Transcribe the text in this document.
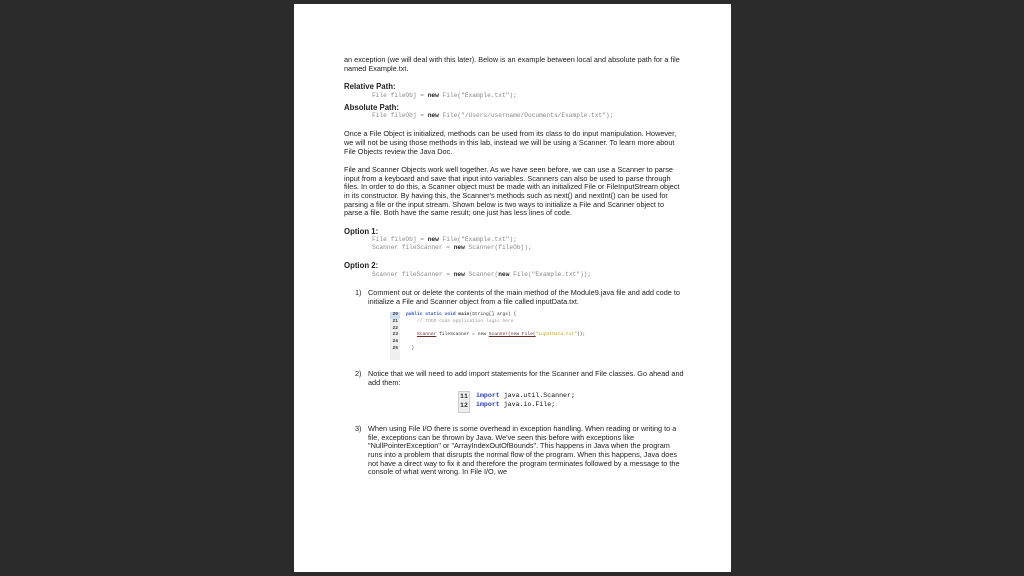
an exception (we will deal with this later). Below is an example between local and absolute path for a file named Example.txt.

Relative Path:

File fileObj = new File("Example.txt");

Absolute Path:

File fileObj = new File("/Users/username/Documents/Example.txt");

Once a File Object is initialized, methods can be used from its class to do input manipulation. However, we will not be using those methods in this lab, instead we will be using a Scanner. To learn more about File Objects review the Java Doc.

File and Scanner Objects work well together. As we have seen before, we can use a Scanner to parse input from a keyboard and save that input into variables. Scanners can also be used to parse through files. In order to do this, a Scanner object must be made with an initialized File or FileInputStream object in its constructor. By having this, the Scanner's methods such as next() and nextInt() can be used for parsing a file or the input stream. Shown below is two ways to initialize a File and Scanner object to parse a file. Both have the same result; one just has less lines of code.

Option 1:

File fileObj = new File("Example.txt");
Scanner fileScanner = new Scanner(fileObj);

Option 2:

Scanner fileScanner = new Scanner(new File("Example.txt"));
1) Comment out or delete the contents of the main method of the Module9.java file and add code to initialize a File and Scanner object from a file called inputData.txt.
20
21
22
23
24
25
public static void main(String[] args) {
// TODO code application logic here

Scanner fileScanner = new Scanner(new File("inputData.txt"));

}
2) Notice that we will need to add import statements for the Scanner and File classes. Go ahead and add them:
11
12
import java.util.Scanner;
import java.io.File;
3) When using File I/O there is some overhead in exception handling. When reading or writing to a file, exceptions can be thrown by Java. We've seen this before with exceptions like "NullPointerException" or "ArrayIndexOutOfBounds". This happens in Java when the program runs into a problem that disrupts the normal flow of the program. When this happens, Java does not have a direct way to fix it and therefore the program terminates followed by a message to the console of what went wrong. In File I/O, we
